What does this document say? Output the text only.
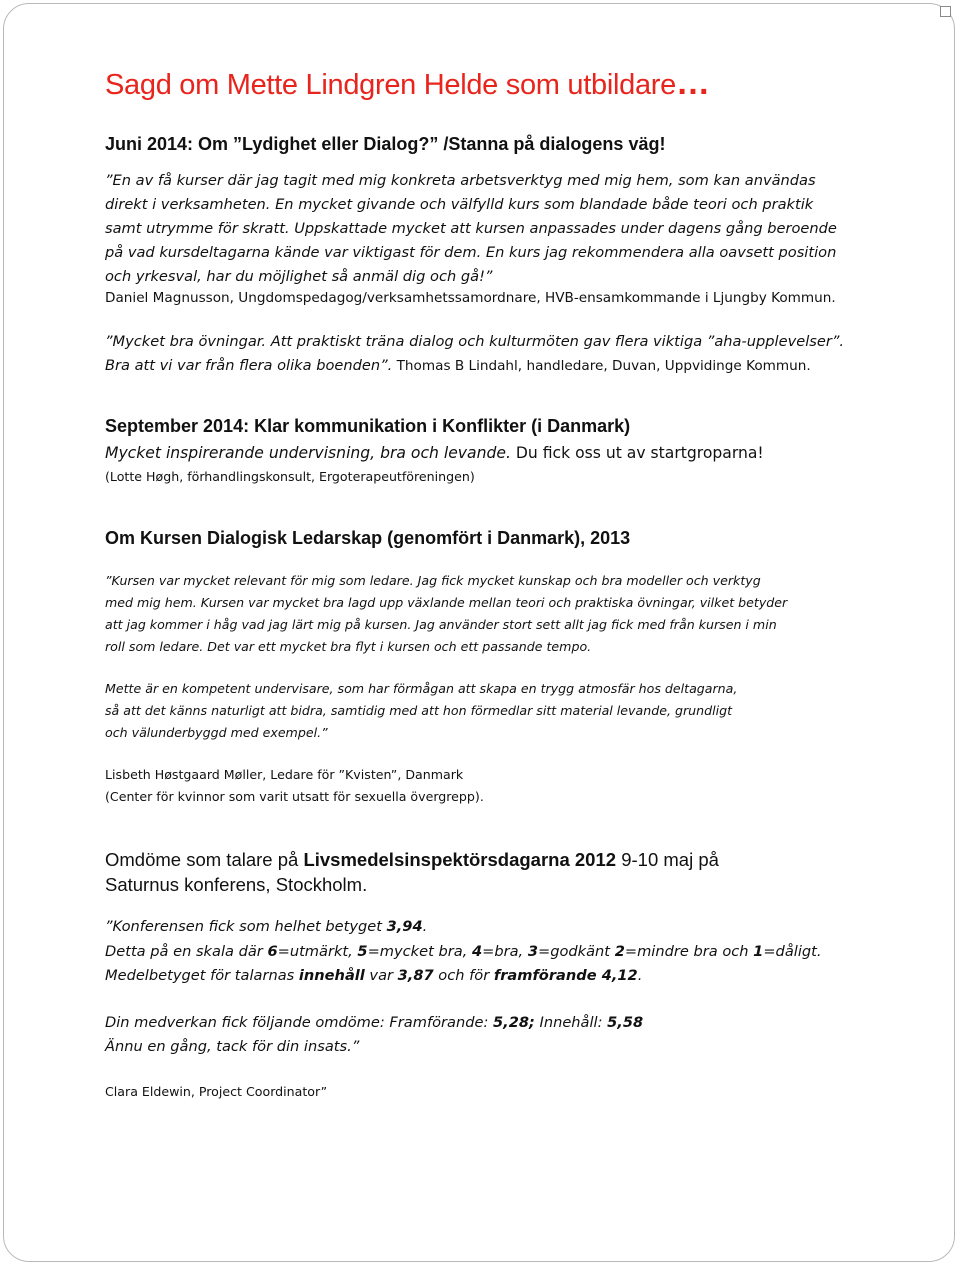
Sagd om Mette Lindgren Helde som utbildare…
Juni 2014: Om ”Lydighet eller Dialog?” /Stanna på dialogens väg!
”En av få kurser där jag tagit med mig konkreta arbetsverktyg med mig hem, som kan användas
direkt i verksamheten. En mycket givande och välfylld kurs som blandade både teori och praktik
samt utrymme för skratt. Uppskattade mycket att kursen anpassades under dagens gång beroende
på vad kursdeltagarna kände var viktigast för dem. En kurs jag rekommendera alla oavsett position
och yrkesval, har du möjlighet så anmäl dig och gå!”
Daniel Magnusson, Ungdomspedagog/verksamhetssamordnare, HVB-ensamkommande i Ljungby Kommun.
”Mycket bra övningar. Att praktiskt träna dialog och kulturmöten gav flera viktiga ”aha-upplevelser”.
Bra att vi var från flera olika boenden”. Thomas B Lindahl, handledare, Duvan, Uppvidinge Kommun.
September 2014: Klar kommunikation i Konflikter (i Danmark)
Mycket inspirerande undervisning, bra och levande. Du fick oss ut av startgroparna!
(Lotte Høgh, förhandlingskonsult, Ergoterapeutföreningen)
Om Kursen Dialogisk Ledarskap (genomfört i Danmark), 2013
”Kursen var mycket relevant för mig som ledare. Jag fick mycket kunskap och bra modeller och verktyg
med mig hem. Kursen var mycket bra lagd upp växlande mellan teori och praktiska övningar, vilket betyder
att jag kommer i håg vad jag lärt mig på kursen. Jag använder stort sett allt jag fick med från kursen i min
roll som ledare. Det var ett mycket bra flyt i kursen och ett passande tempo.
Mette är en kompetent undervisare, som har förmågan att skapa en trygg atmosfär hos deltagarna,
så att det känns naturligt att bidra, samtidig med att hon förmedlar sitt material levande, grundligt
och välunderbyggd med exempel.”
Lisbeth Høstgaard Møller, Ledare för ”Kvisten”, Danmark
(Center för kvinnor som varit utsatt för sexuella övergrepp).
Omdöme som talare på Livsmedelsinspektörsdagarna 2012 9-10 maj på
Saturnus konferens, Stockholm.
”Konferensen fick som helhet betyget 3,94.
Detta på en skala där 6=utmärkt, 5=mycket bra, 4=bra, 3=godkänt 2=mindre bra och 1=dåligt.
Medelbetyget för talarnas innehåll var 3,87 och för framförande 4,12.
Din medverkan fick följande omdöme: Framförande: 5,28; Innehåll: 5,58
Ännu en gång, tack för din insats.”
Clara Eldewin, Project Coordinator”
